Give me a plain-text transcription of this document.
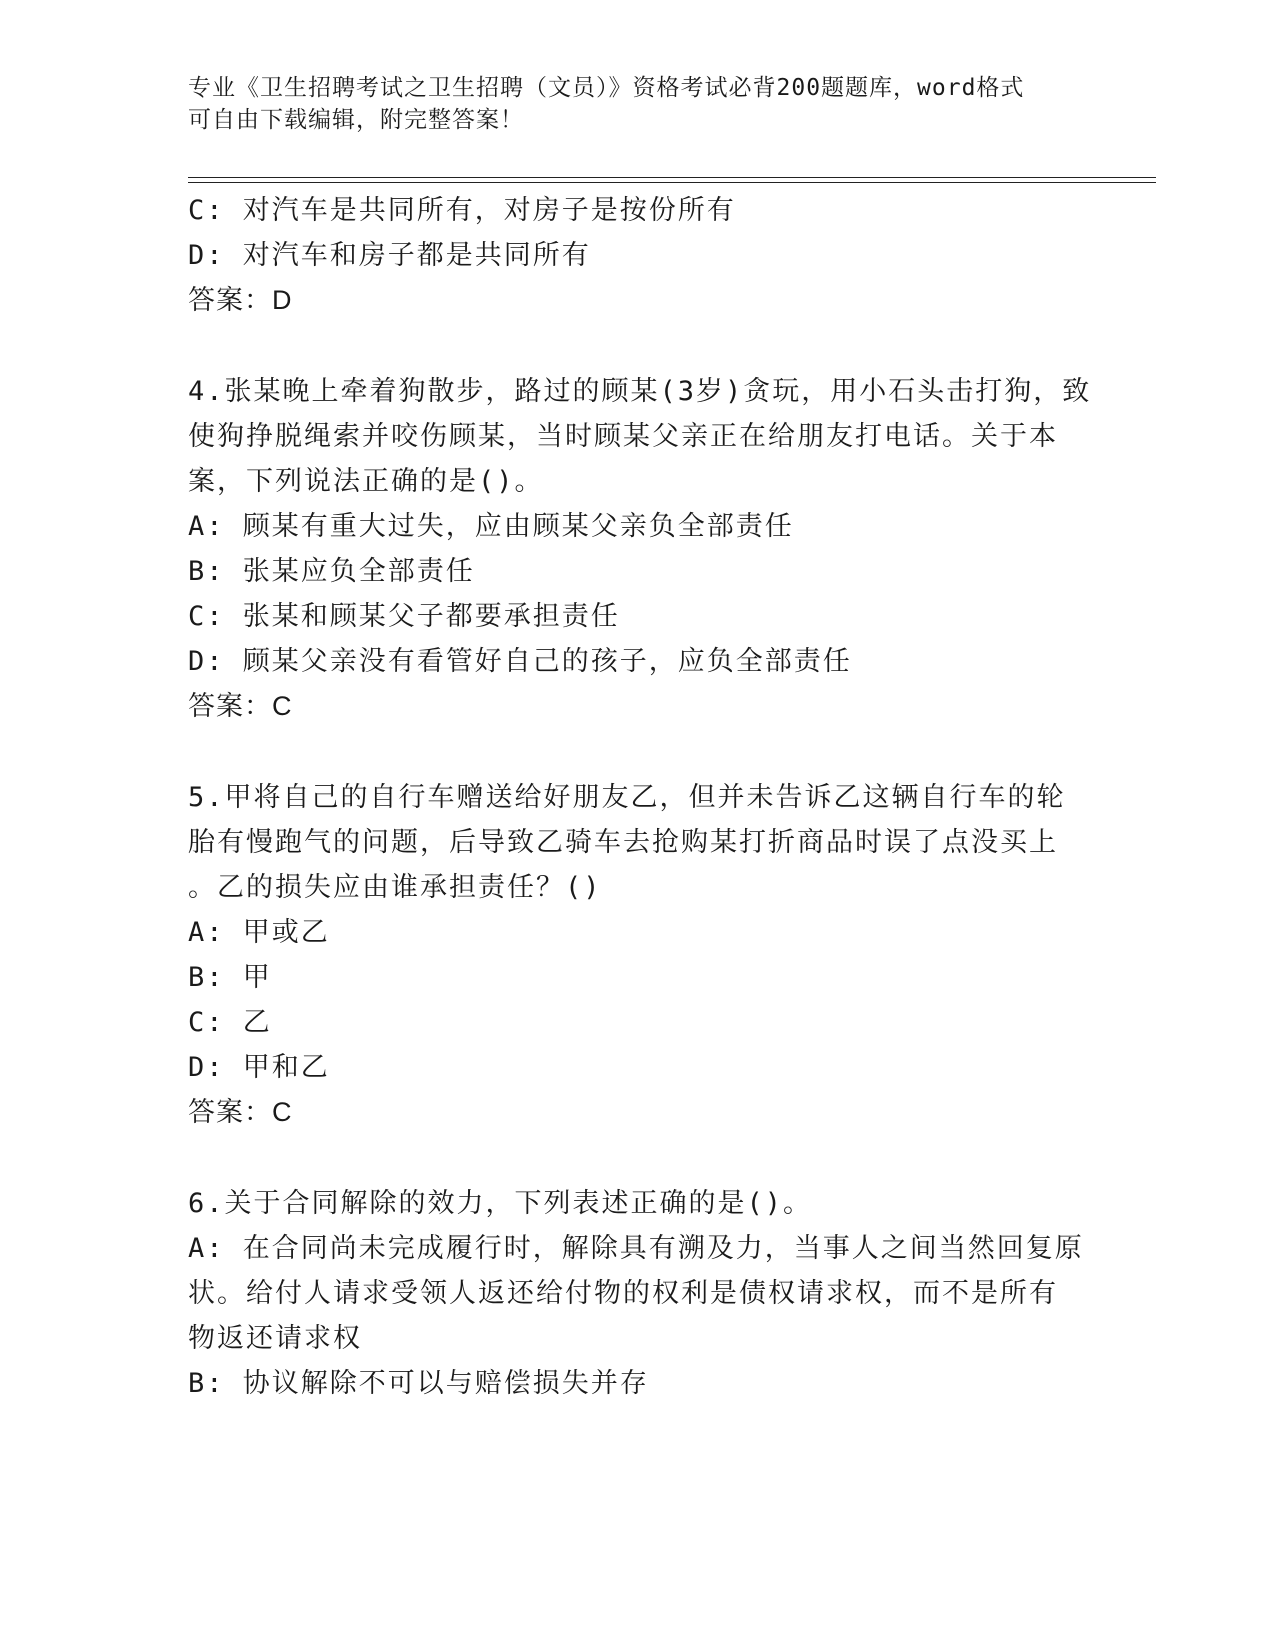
专业《卫生招聘考试之卫生招聘（文员）》资格考试必背200题题库，word格式
可自由下载编辑，附完整答案！
C: 对汽车是共同所有，对房子是按份所有
D: 对汽车和房子都是共同所有
答案：D
4.张某晚上牵着狗散步，路过的顾某(3岁)贪玩，用小石头击打狗，致
使狗挣脱绳索并咬伤顾某，当时顾某父亲正在给朋友打电话。关于本
案，下列说法正确的是()。
A: 顾某有重大过失，应由顾某父亲负全部责任
B: 张某应负全部责任
C: 张某和顾某父子都要承担责任
D: 顾某父亲没有看管好自己的孩子，应负全部责任
答案：C
5.甲将自己的自行车赠送给好朋友乙，但并未告诉乙这辆自行车的轮
胎有慢跑气的问题，后导致乙骑车去抢购某打折商品时误了点没买上
。乙的损失应由谁承担责任？()
A: 甲或乙
B: 甲
C: 乙
D: 甲和乙
答案：C
6.关于合同解除的效力，下列表述正确的是()。
A: 在合同尚未完成履行时，解除具有溯及力，当事人之间当然回复原
状。给付人请求受领人返还给付物的权利是债权请求权，而不是所有
物返还请求权
B: 协议解除不可以与赔偿损失并存
